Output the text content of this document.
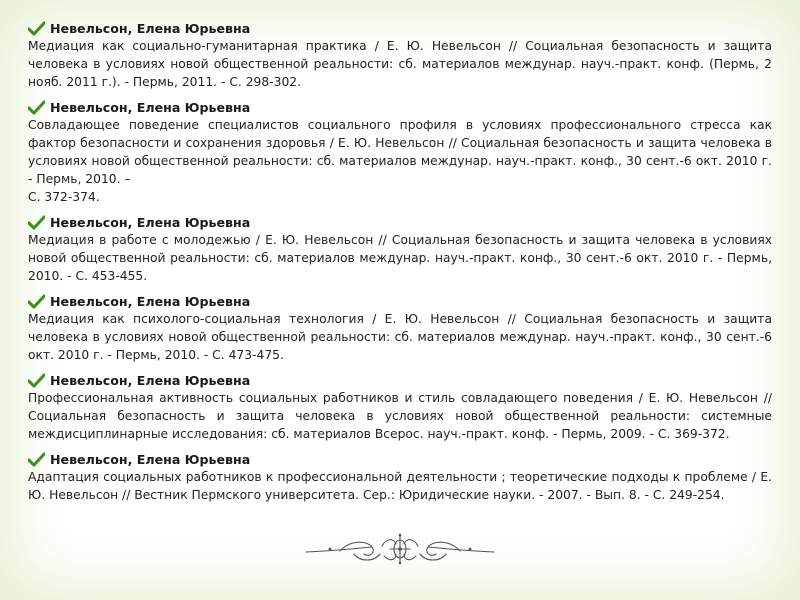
Невельсон, Елена Юрьевна

Медиация как социально-гуманитарная практика / Е. Ю. Невельсон // Социальная безопасность и защита человека в условиях новой общественной реальности: сб. материалов междунар. науч.-практ. конф. (Пермь, 2 нояб. 2011 г.). - Пермь, 2011. - С. 298-302.

Невельсон, Елена Юрьевна

Совладающее поведение специалистов социального профиля в условиях профессионального стресса как фактор безопасности и сохранения здоровья / Е. Ю. Невельсон // Социальная безопасность и защита человека в условиях новой общественной реальности: сб. материалов междунар. науч.-практ. конф., 30 сент.-6 окт. 2010 г. - Пермь, 2010. –

С. 372-374.

Невельсон, Елена Юрьевна

Медиация в работе с молодежью / Е. Ю. Невельсон // Социальная безопасность и защита человека в условиях новой общественной реальности: сб. материалов междунар. науч.-практ. конф., 30 сент.-6 окт. 2010 г. - Пермь, 2010. - С. 453-455.

Невельсон, Елена Юрьевна

Медиация как психолого-социальная технология / Е. Ю. Невельсон // Социальная безопасность и защита человека в условиях новой общественной реальности: сб. материалов междунар. науч.-практ. конф., 30 сент.-6 окт. 2010 г. - Пермь, 2010. - С. 473-475.

Невельсон, Елена Юрьевна

Профессиональная активность социальных работников и стиль совладающего поведения / Е. Ю. Невельсон // Социальная безопасность и защита человека в условиях новой общественной реальности: системные междисциплинарные исследования: сб. материалов Всерос. науч.-практ. конф. - Пермь, 2009. - С. 369-372.

Невельсон, Елена Юрьевна

Адаптация социальных работников к профессиональной деятельности ; теоретические подходы к проблеме / Е. Ю. Невельсон // Вестник Пермского университета. Сер.: Юридические науки. - 2007. - Вып. 8. - С. 249-254.
